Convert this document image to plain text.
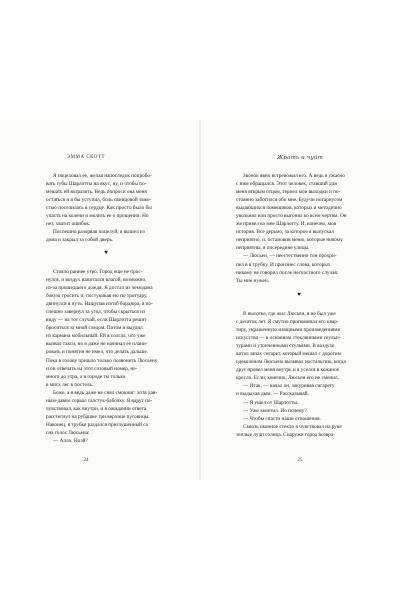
ЭММА СКОТТ

Я поцеловал ее, желая напоследок попробо-

вать губы Шарлотты на вкус, ну, и чтобы по-

мешать ей возразить. Ведь попроси она меня

остаться и я бы уступил, боль свинцовой тяже-

стью поселилась в сердце. Как просто было бы

упасть на колени и молить ее о прощении. Но

нет, хватит ошибок.

Поспешно разорвав поцелуй, я вышел из

дома и закрыл за собой дверь.

♥

Стояло раннее утро. Город еще не прос-

нулся, и воздух напитался влагой, возможно,

из-за прошедшего дождя. Я достал из чемодана

бокую тросить и, постукивая ею по тротуару,

двинулся в путь. Нащупав изгиб бордюра, я по-

спешно завернул за угол, чтобы скрыться из

виду — на тот случай, если Шарлотта решит

броситься за мной следом. Потом я выудил

из кармана мобильный. Ей я солгал, что уже

вызвал такси, но я даже не начинал ее плани-

ровать и понятия не имел, что делать дальше.

Пока в голову пришло только позвонить Люсьену

и он отвечать на этот сотовый номер, не-

много до утра, а в городе ты только

в мисх лег в постель.

Боже, а я ведь даже не снял смокинг: хотя дав-

ным-давно сорвал галстук-бабочку. Я вдруг по-

чувствовал, как внутри, и я ожидании ответа

расстегнул на рубашке три верхние пуговицы.

Наконец, в трубке раздался приглушенный со

сна голос Люсьена:

— Алло, Ноэй?

24
Жрать и чуйт

Звонок явно встревожил его. А ведь я ужасно

с ним обращался. Этот человек, ставший для

меня вторым отцом, терпел мои выходки и по-

стоянно заботился обо мне. Будучи нотариусом

выдающихся помещиков, которых я методично

увольнял или просто выгонял ко всем чертям. Он

же привел ко мне Шарлотту. И, конечно, моя

история. Все дерьмо, за которое я выпускал

неприятно, и, остановив меню, которые никому

неприятны, я посередине улицы.

— Люсьен, — неестественно тон прохри-

пел в в трубку. И произнес слова, которых

никому не говорил после несчастного случая:

Ты мне нужен.

♥

В высотке, где жил Люсьен, я не был уже

с десяток лет. Я смутно припоминал его квар-

тиру, украшенную изящными произведениями

искусства — в основном стеклянными скульп-

турами и утонченными стульями. В воздухе

витал запах сигарет, который мешал с дорогим

одеколоном Люсьена вызывал ностальгию, когда

друг провел меня внутрь и я уселся в кожаное

кресло. Если, конечно, Люсьен его не сменил.

— Итак, — начал он, закуривая сигарету

и выдыхая дым. — Рассказывай.

— Я ушел от Шарлотты.

— Уже заметил. Но почему?

— Чтобы спасти наши отношения.

Сквозь оконное стекло я чувствовал на руке

теплые лучи солнца. Снаружи город возвра-

25
